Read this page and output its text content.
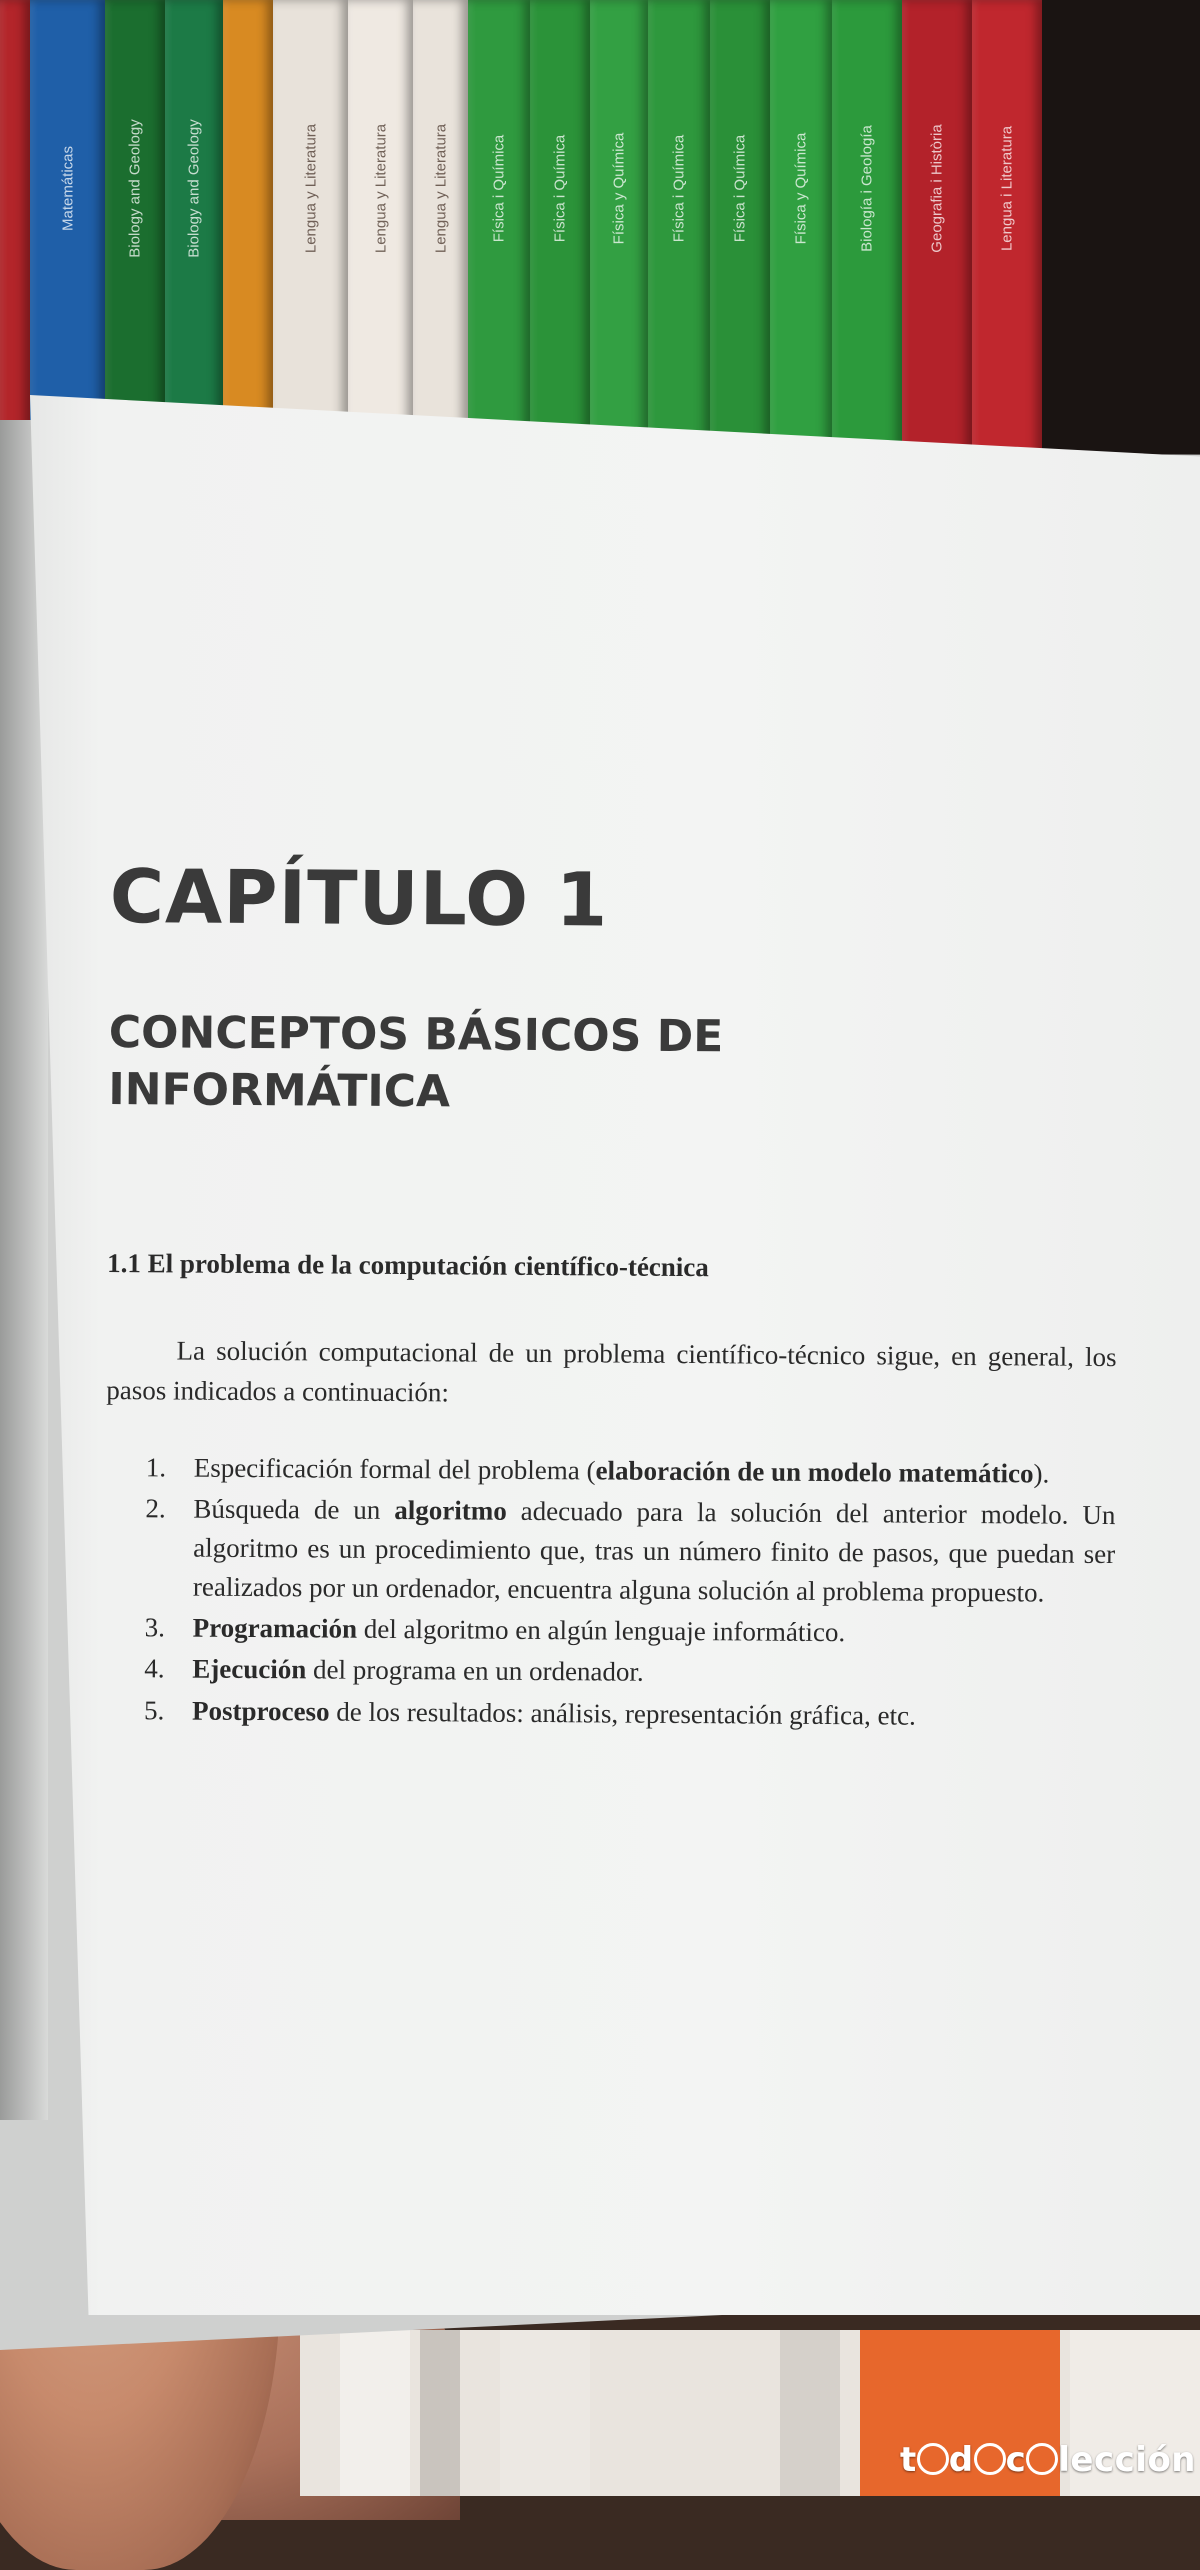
Matemáticas	Biology and Geology	Biology and Geology	Lengua y Literatura	Lengua y Literatura	Lengua y Literatura	Física i Química	Física i Química	Física y Química	Física i Química	Física i Química	Física y Química	Biología i Geología	Geografia i Història	Lengua i Literatura
CAPÍTULO 1
CONCEPTOS BÁSICOS DE
INFORMÁTICA
1.1 El problema de la computación científico-técnica

La solución computacional de un problema científico-técnico sigue, en general, los pasos indicados a continuación:

1.	Especificación formal del problema (elaboración de un modelo matemático).
2.	Búsqueda de un algoritmo adecuado para la solución del anterior modelo. Un algoritmo es un procedimiento que, tras un número finito de pasos, que puedan ser realizados por un ordenador, encuentra alguna solución al problema propuesto.
3.	Programación del algoritmo en algún lenguaje informático.
4.	Ejecución del programa en un ordenador.
5.	Postproceso de los resultados: análisis, representación gráfica, etc.
t d c lección
